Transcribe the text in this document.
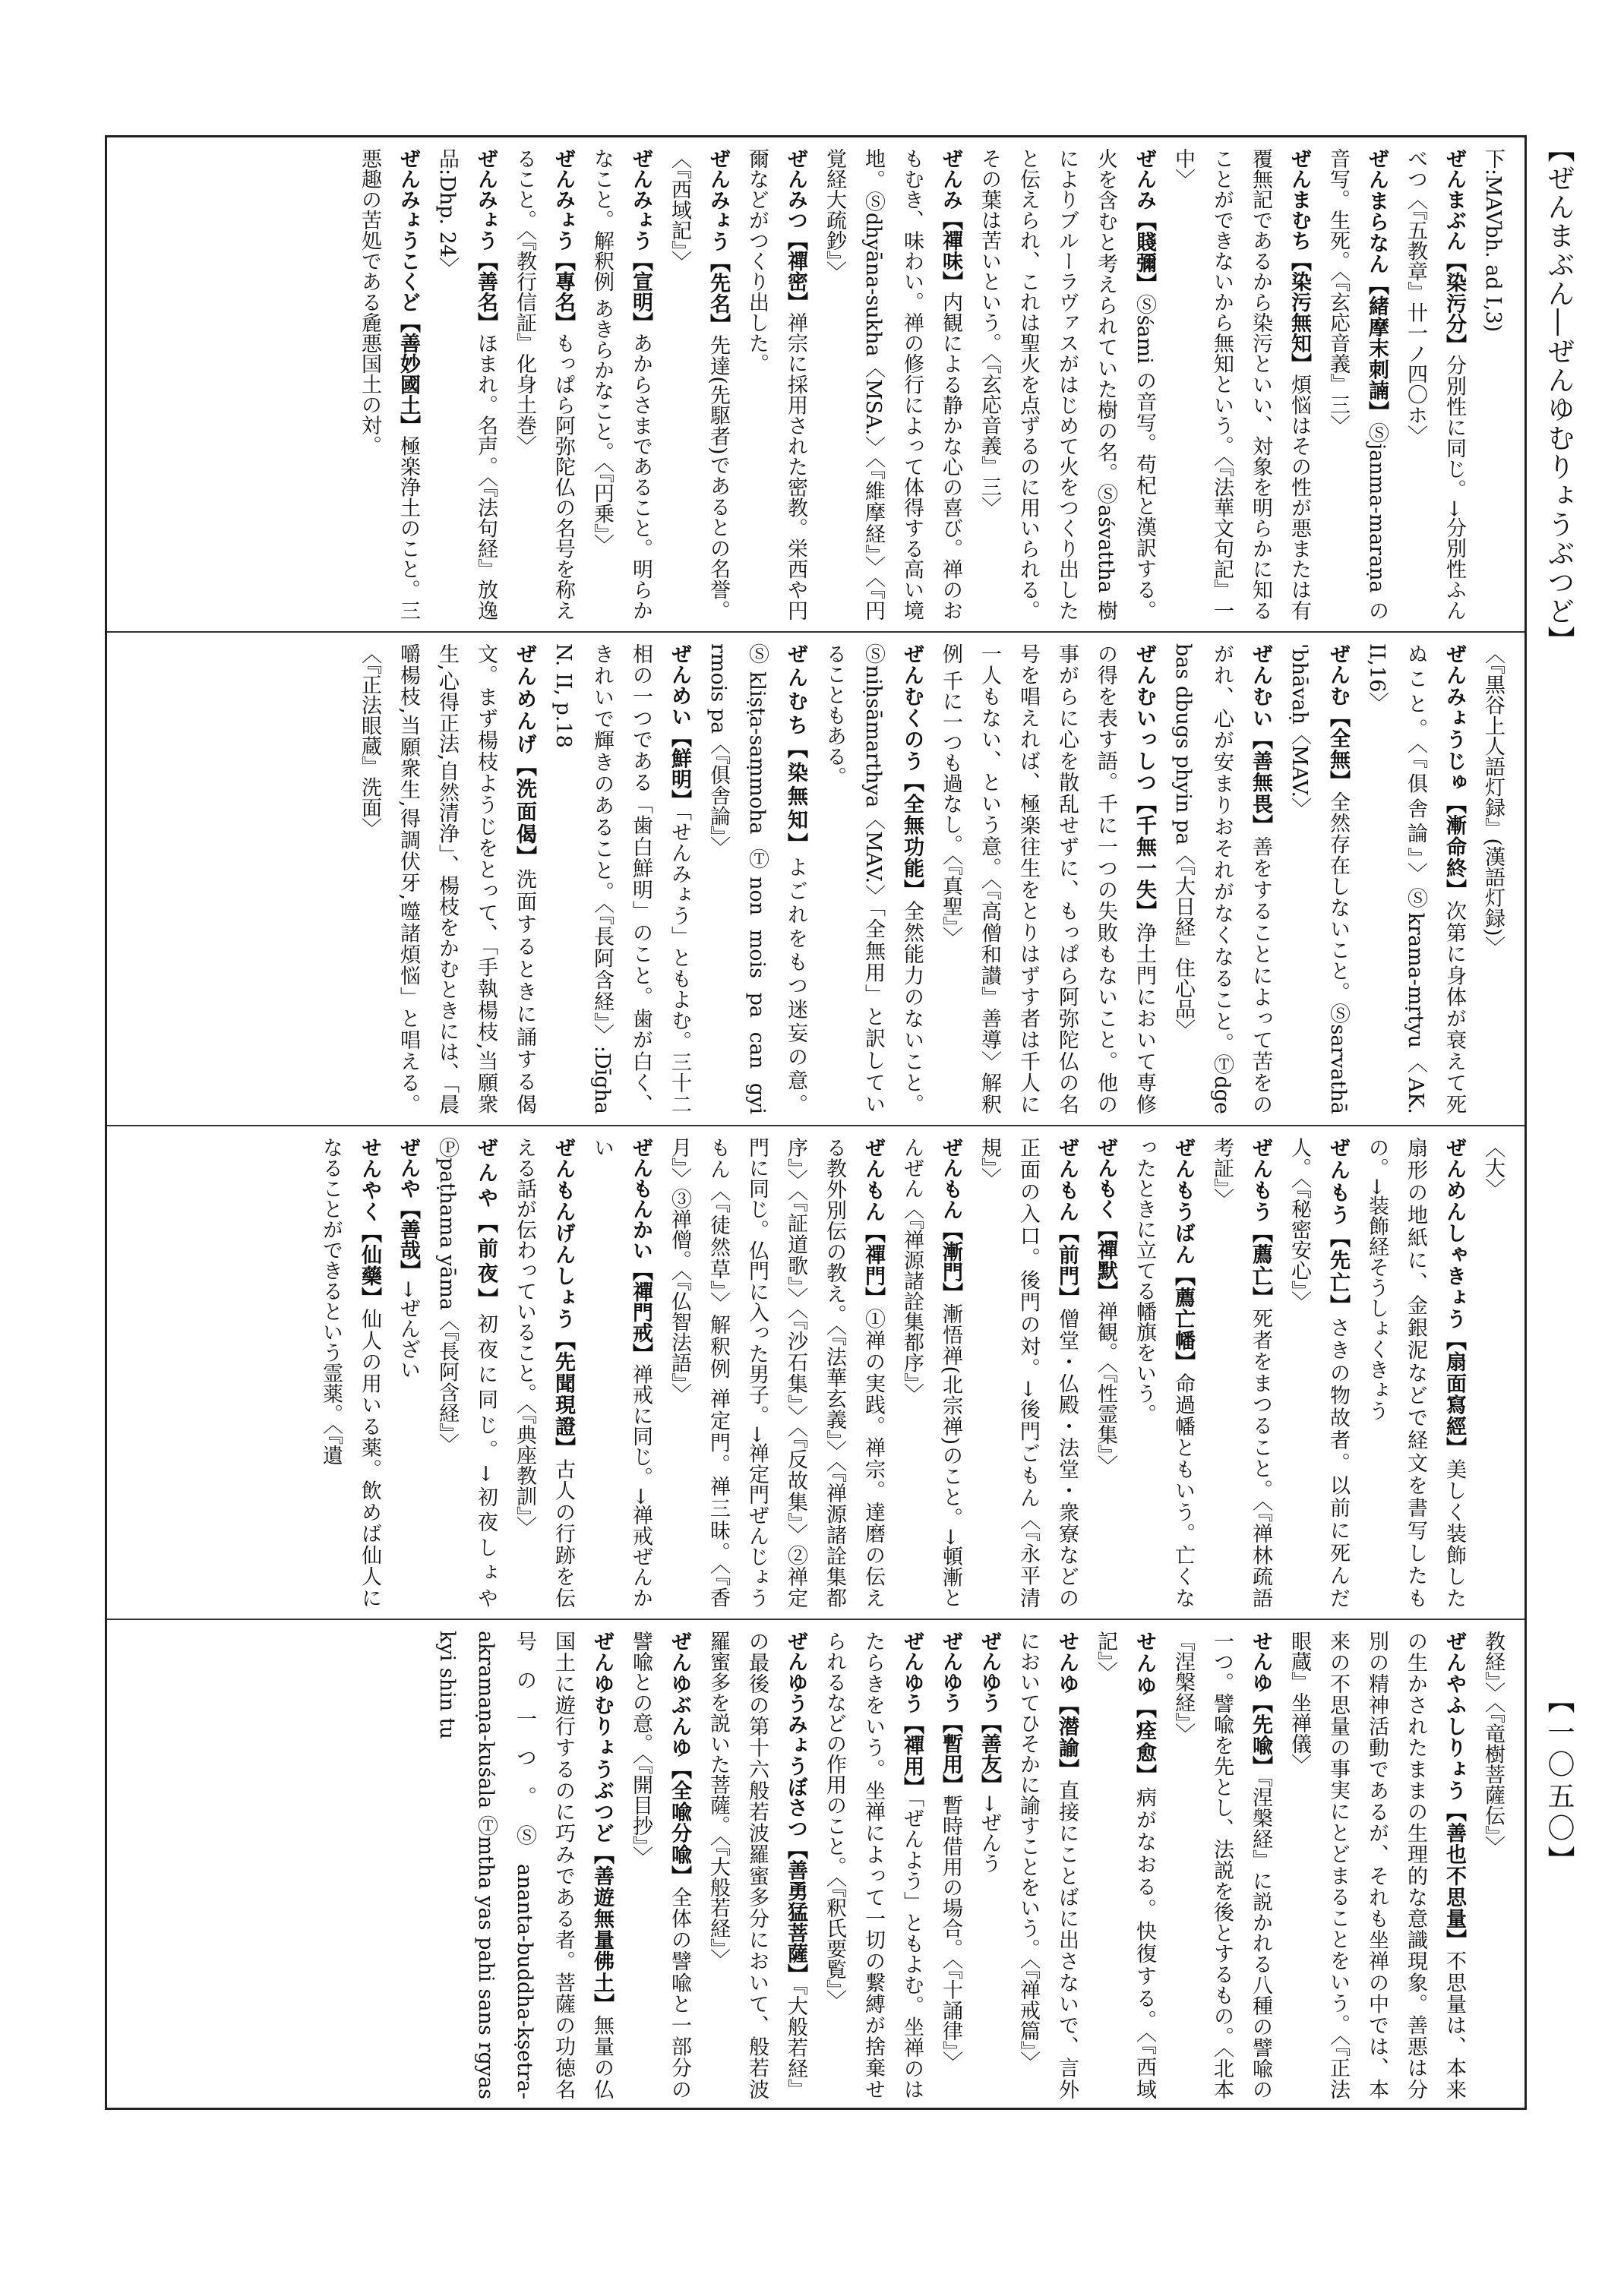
【ぜんまぶん―ぜんゆむりょうぶつど】
【一〇五〇】
下:MAVbh. ad I,3)
ぜんまぶん【染污分】分別性に同じ。→分別性ふんべつ〈『五教章』卄一ノ四〇ホ〉
ぜんまらなん【緒摩末刺諵】Ⓢjanma-maraṇa の音写。生死。〈『玄応音義』三〉
ぜんまむち【染污無知】煩悩はその性が悪または有覆無記であるから染污といい、対象を明らかに知ることができないから無知という。〈『法華文句記』一中〉
ぜんみ【賤彌】Ⓢśami の音写。苟杞と漢訳する。火を含むと考えられていた樹の名。Ⓢaśvattha 樹によりブルーラヴァスがはじめて火をつくり出したと伝えられ、これは聖火を点ずるのに用いられる。その葉は苦いという。〈『玄応音義』三〉
ぜんみ【禪味】内観による静かな心の喜び。禅のおもむき、味わい。禅の修行によって体得する高い境地。Ⓢdhyāna-sukha〈MSA.〉〈『維摩経』〉〈『円覚経大疏鈔』〉
ぜんみつ【禪密】禅宗に採用された密教。栄西や円爾などがつくり出した。
ぜんみょう【先名】先達(先駆者)であるとの名誉。〈『西域記』〉
ぜんみょう【宣明】あからさまであること。明らかなこと。解釈例 あきらかなこと。〈『円乗』〉
ぜんみょう【專名】もっぱら阿弥陀仏の名号を称えること。〈『教行信証』化身土巻〉
ぜんみょう【善名】ほまれ。名声。〈『法句経』放逸品:Dhp. 24〉
ぜんみょうこくど【善妙國土】極楽浄土のこと。三悪趣の苦処である麁悪国土の対。
〈『黒谷上人語灯録』(漢語灯録)〉
ぜんみょうじゅ【漸命終】次第に身体が衰えて死ぬこと。〈『俱舎論』〉Ⓢkrama-mṛtyu〈AK. II,16〉
ぜんむ【全無】全然存在しないこと。Ⓢsarvathā 'bhāvaḥ〈MAV.〉
ぜんむい【善無畏】善をすることによって苦をのがれ、心が安まりおそれがなくなること。Ⓣdge bas dbugs phyin pa〈『大日経』住心品〉
ぜんむいっしつ【千無一失】浄土門において専修の得を表す語。千に一つの失敗もないこと。他の事がらに心を散乱せずに、もっぱら阿弥陀仏の名号を唱えれば、極楽往生をとりはずす者は千人に一人もない、という意。〈『高僧和讃』善導〉解釈例 千に一つも過なし。〈『真聖』〉
ぜんむくのう【全無功能】全然能力のないこと。Ⓢniḥsāmarthya〈MAV.〉「全無用」と訳していることもある。
ぜんむち【染無知】よごれをもつ迷妄の意。Ⓢkliṣṭa-saṃmoha Ⓣnon mois pa can gyi rmois pa〈『俱舎論』〉
ぜんめい【鮮明】「せんみょう」ともよむ。三十二相の一つである「歯白鮮明」のこと。歯が白く、きれいで輝きのあること。〈『長阿含経』〉:Dīgha N. II, p.18
ぜんめんげ【洗面偈】洗面するときに誦する偈文。まず楊枝ようじをとって、「手執楊枝,当願衆生,心得正法,自然清浄」、楊枝をかむときには、「晨嚼楊枝,当願衆生,得調伏牙,噬諸煩悩」と唱える。〈『正法眼蔵』洗面〉
〈大〉
ぜんめんしゃきょう【扇面寫經】美しく装飾した扇形の地紙に、金銀泥などで経文を書写したもの。→装飾経そうしょくきょう
ぜんもう【先亡】さきの物故者。以前に死んだ人。〈『秘密安心』〉
ぜんもう【薦亡】死者をまつること。〈『禅林疏語考証』〉
ぜんもうばん【薦亡幡】命過幡ともいう。亡くなったときに立てる幡旗をいう。
ぜんもく【禪默】禅観。〈『性霊集』〉
ぜんもん【前門】僧堂・仏殿・法堂・衆寮などの正面の入口。後門の対。→後門ごもん〈『永平清規』〉
ぜんもん【漸門】漸悟禅(北宗禅)のこと。→頓漸とんぜん〈『禅源諸詮集都序』〉
ぜんもん【禪門】①禅の実践。禅宗。達磨の伝える教外別伝の教え。〈『法華玄義』〉〈『禅源諸詮集都序』〉〈『証道歌』〉〈『沙石集』〉〈『反故集』〉②禅定門に同じ。仏門に入った男子。→禅定門ぜんじょうもん〈『徒然草』〉解釈例 禅定門。禅三昧。〈『香月』〉③禅僧。〈『仏智法語』〉
ぜんもんかい【禪門戒】禅戒に同じ。→禅戒ぜんかい
ぜんもんげんしょう【先聞現證】古人の行跡を伝える話が伝わっていること。〈『典座教訓』〉
ぜんや【前夜】初夜に同じ。→初夜しょや Ⓟpaṭhama yāma〈『長阿含経』〉
ぜんや【善哉】→ぜんざい
せんやく【仙藥】仙人の用いる薬。飲めば仙人になることができるという霊薬。〈『遺
教経』〉〈『竜樹菩薩伝』〉
ぜんやふしりょう【善也不思量】不思量は、本来の生かされたままの生理的な意識現象。善悪は分別の精神活動であるが、それも坐禅の中では、本来の不思量の事実にとどまることをいう。〈『正法眼蔵』坐禅儀〉
せんゆ【先喩】『涅槃経』に説かれる八種の譬喩の一つ。譬喩を先とし、法説を後とするもの。〈北本『涅槃経』〉
せんゆ【痊愈】病がなおる。快復する。〈『西域記』〉
せんゆ【潜諭】直接にことばに出さないで、言外においてひそかに諭すことをいう。〈『禅戒篇』〉
ぜんゆう【善友】→ぜんう
ぜんゆう【暫用】暫時借用の場合。〈『十誦律』〉
ぜんゆう【禪用】「ぜんよう」ともよむ。坐禅のはたらきをいう。坐禅によって一切の繋縛が捨棄せられるなどの作用のこと。〈『釈氏要覧』〉
ぜんゆうみょうぼさつ【善勇猛菩薩】『大般若経』の最後の第十六般若波羅蜜多分において、般若波羅蜜多を説いた菩薩。〈『大般若経』〉
ぜんゆぶんゆ【全喩分喩】全体の譬喩と一部分の譬喩との意。〈『開目抄』〉
ぜんゆむりょうぶつど【善遊無量佛土】無量の仏国土に遊行するのに巧みである者。菩薩の功徳名号の一つ。Ⓢananta-buddha-kṣetra-akramaṇa-kuśala Ⓣmtha yas pahi sans rgyas kyi shin tu
